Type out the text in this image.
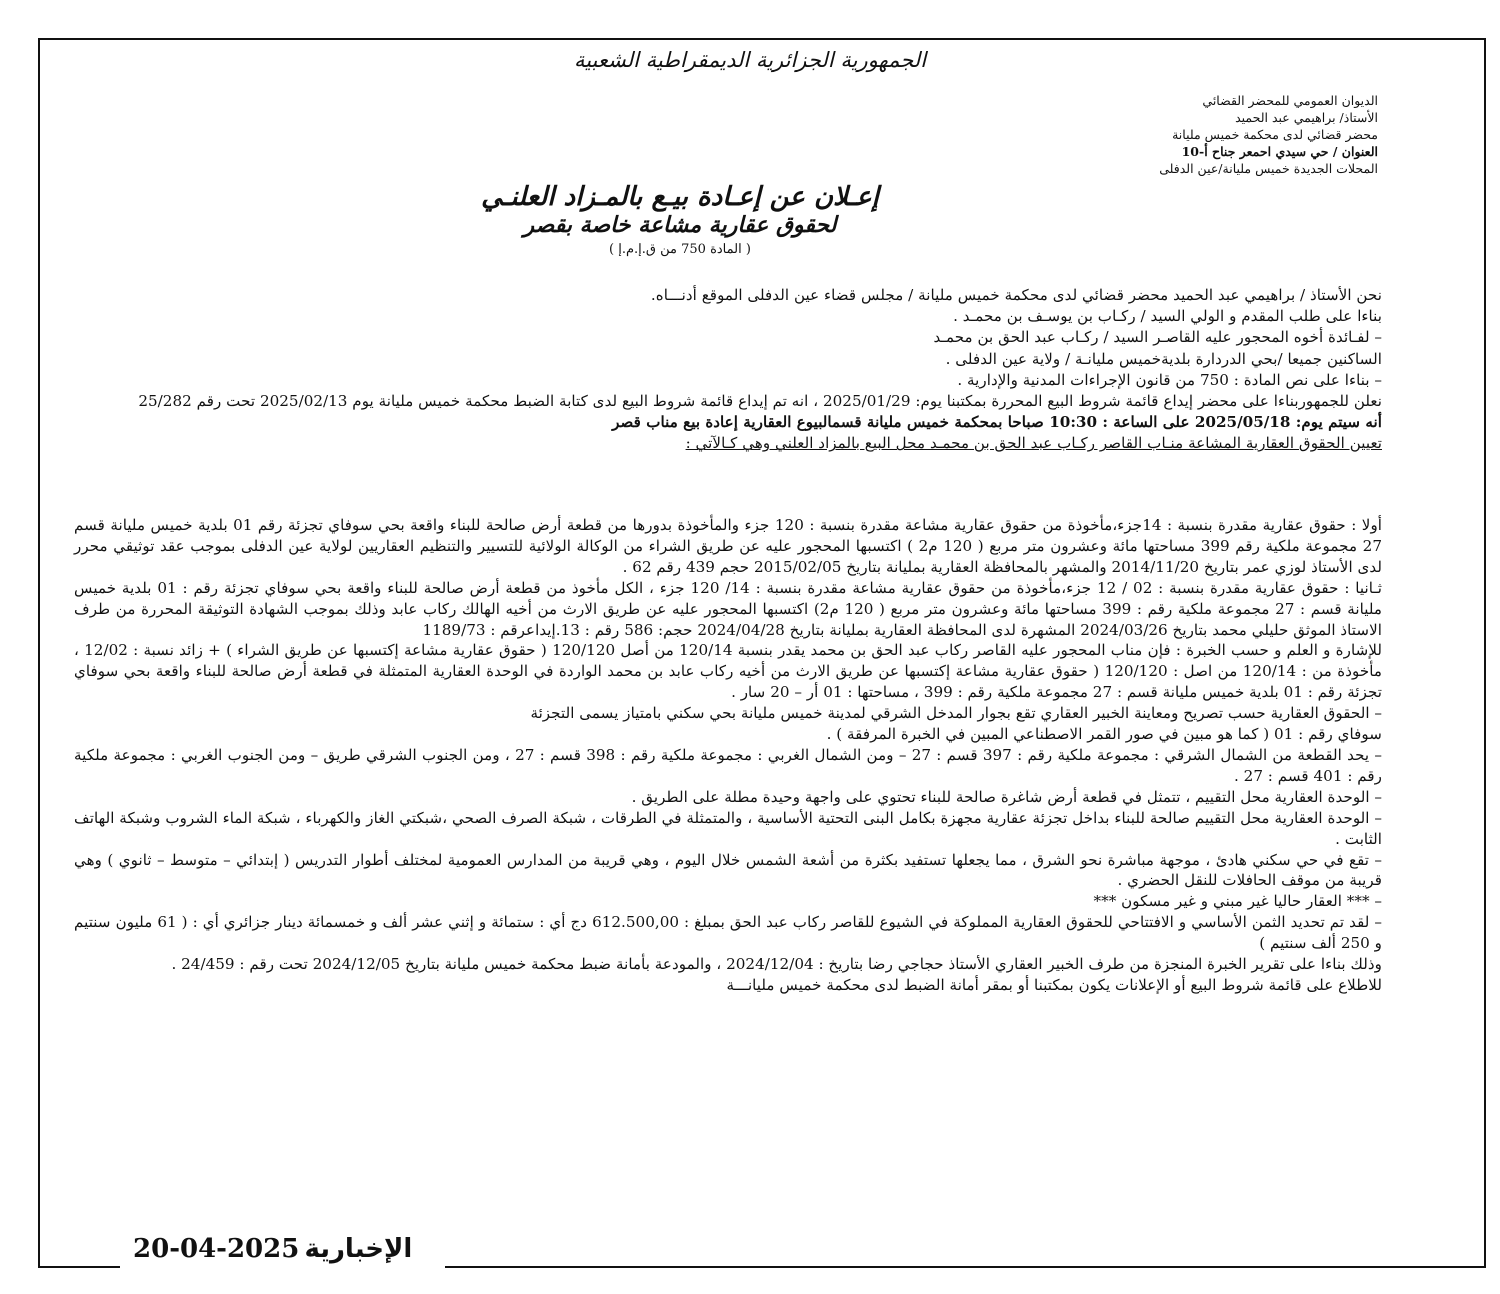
الجمهورية الجزائرية الديمقراطية الشعبية
الديوان العمومي للمحضر القضائي
الأستاذ/ براهيمي عبد الحميد
محضر قضائي لدى محكمة خميس مليانة
العنوان / حي سيدي احمعر جناح أ-10
المحلات الجديدة خميس مليانة/عين الدفلى
إعـلان عن إعـادة بيـع بالمـزاد العلنـي
لحقوق عقارية مشاعة خاصة بقصر
( المادة 750 من ق.إ.م.إ )

نحن الأستاذ / براهيمي عبد الحميد محضر قضائي لدى محكمة خميس مليانة / مجلس قضاء عين الدفلى الموقع أدنـــاه.

بناءا على طلب المقدم و الولي السيد / ركـاب بن يوسـف بن محمـد .

– لفـائدة أخوه المحجور عليه القاصـر السيد / ركـاب عبد الحق بن محمـد

الساكنين جميعا /بحي الدردارة بلديةخميس مليانـة / ولاية عين الدفلى .

– بناءا على نص المادة : 750 من قانون الإجراءات المدنية والإدارية .

نعلن للجمهوربناءا على محضر إيداع قائمة شروط البيع المحررة بمكتبنا يوم: 2025/01/29 ، انه تم إيداع قائمة شروط البيع لدى كتابة الضبط محكمة خميس مليانة يوم 2025/02/13 تحت رقم 25/282

أنه سيتم يوم: 2025/05/18 على الساعة : 10:30 صباحا بمحكمة خميس مليانة قسمالبيوع العقارية إعادة بيع مناب قصر

تعيين الحقوق العقارية المشاعة منـاب القاصر ركـاب عبد الحق بن محمـد محل البيع بالمزاد العلني وهي كـالآتي :

أولا : حقوق عقارية مقدرة بنسبة : 14جزء،مأخوذة من حقوق عقارية مشاعة مقدرة بنسبة : 120 جزء والمأخوذة بدورها من قطعة أرض صالحة للبناء واقعة بحي سوفاي تجزئة رقم 01 بلدية خميس مليانة قسم 27 مجموعة ملكية رقم 399 مساحتها مائة وعشرون متر مربع ( 120 م2 ) اكتسبها المحجور عليه عن طريق الشراء من الوكالة الولائية للتسيير والتنظيم العقاريين لولاية عين الدفلى بموجب عقد توثيقي محرر لدى الأستاذ لوزي عمر بتاريخ 2014/11/20 والمشهر بالمحافظة العقارية بمليانة بتاريخ 2015/02/05 حجم 439 رقم 62 .

ثـانيا : حقوق عقارية مقدرة بنسبة : 02 / 12 جزء،مأخوذة من حقوق عقارية مشاعة مقدرة بنسبة : 14/ 120 جزء ، الكل مأخوذ من قطعة أرض صالحة للبناء واقعة بحي سوفاي تجزئة رقم : 01 بلدية خميس مليانة قسم : 27 مجموعة ملكية رقم : 399 مساحتها مائة وعشرون متر مربع ( 120 م2) اكتسبها المحجور عليه عن طريق الارث من أخيه الهالك ركاب عابد وذلك بموجب الشهادة التوثيقة المحررة من طرف الاستاذ الموثق حليلي محمد بتاريخ 2024/03/26 المشهرة لدى المحافظة العقارية بمليانة بتاريخ 2024/04/28 حجم: 586 رقم : 13.إيداعرقم : 1189/73

للإشارة و العلم و حسب الخبرة : فإن مناب المحجور عليه القاصر ركاب عبد الحق بن محمد يقدر بنسبة 120/14 من أصل 120/120 ( حقوق عقارية مشاعة إكتسبها عن طريق الشراء ) + زائد نسبة : 12/02 ، مأخوذة من : 120/14 من اصل : 120/120 ( حقوق عقارية مشاعة إكتسبها عن طريق الارث من أخيه ركاب عابد بن محمد الواردة في الوحدة العقارية المتمثلة في قطعة أرض صالحة للبناء واقعة بحي سوفاي تجزئة رقم : 01 بلدية خميس مليانة قسم : 27 مجموعة ملكية رقم : 399 ، مساحتها : 01 أر – 20 سار .

– الحقوق العقارية حسب تصريح ومعاينة الخبير العقاري تقع بجوار المدخل الشرقي لمدينة خميس مليانة بحي سكني بامتياز يسمى التجزئة

سوفاي رقم : 01 ( كما هو مبين في صور القمر الاصطناعي المبين في الخبرة المرفقة ) .

– يحد القطعة من الشمال الشرقي : مجموعة ملكية رقم : 397 قسم : 27 – ومن الشمال الغربي : مجموعة ملكية رقم : 398 قسم : 27 ، ومن الجنوب الشرقي طريق – ومن الجنوب الغربي : مجموعة ملكية رقم : 401 قسم : 27 .

– الوحدة العقارية محل التقييم ، تتمثل في قطعة أرض شاغرة صالحة للبناء تحتوي على واجهة وحيدة مطلة على الطريق .

– الوحدة العقارية محل التقييم صالحة للبناء بداخل تجزئة عقارية مجهزة بكامل البنى التحتية الأساسية ، والمتمثلة في الطرقات ، شبكة الصرف الصحي ،شبكتي الغاز والكهرباء ، شبكة الماء الشروب وشبكة الهاتف الثابت .

– تقع في حي سكني هادئ ، موجهة مباشرة نحو الشرق ، مما يجعلها تستفيد بكثرة من أشعة الشمس خلال اليوم ، وهي قريبة من المدارس العمومية لمختلف أطوار التدريس ( إبتدائي – متوسط – ثانوي ) وهي قريبة من موقف الحافلات للنقل الحضري .

– *** العقار حاليا غير مبني و غير مسكون ***

– لقد تم تحديد الثمن الأساسي و الافتتاحي للحقوق العقارية المملوكة في الشيوع للقاصر ركاب عبد الحق بمبلغ : 612.500,00 دج أي : ستمائة و إثني عشر ألف و خمسمائة دينار جزائري أي : ( 61 مليون سنتيم و 250 ألف سنتيم )

وذلك بناءا على تقرير الخبرة المنجزة من طرف الخبير العقاري الأستاذ حجاجي رضا بتاريخ : 2024/12/04 ، والمودعة بأمانة ضبط محكمة خميس مليانة بتاريخ 2024/12/05 تحت رقم : 24/459 .

للاطلاع على قائمة شروط البيع أو الإعلانات يكون بمكتبنا أو بمقر أمانة الضبط لدى محكمة خميس مليانـــة

الإخبارية 2025-04-20
